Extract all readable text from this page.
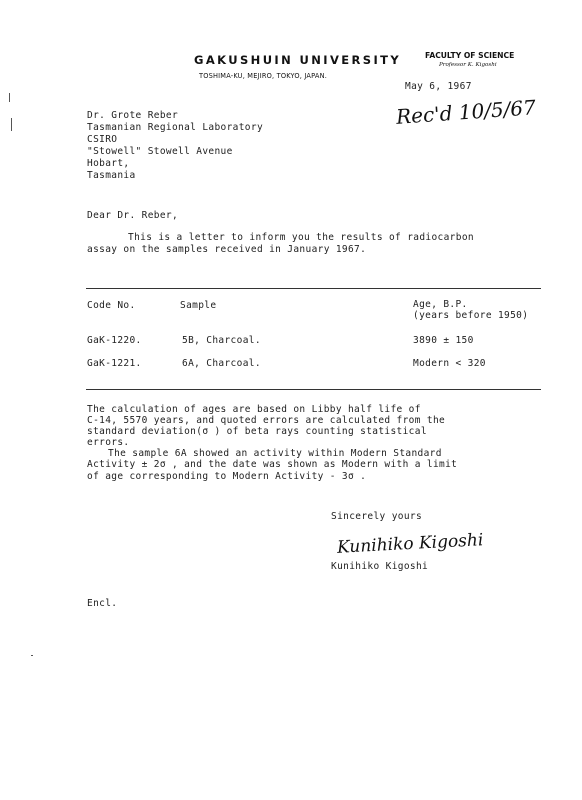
GAKUSHUIN UNIVERSITY
TOSHIMA-KU, MEJIRO, TOKYO, JAPAN.
FACULTY OF SCIENCE
Professor K. Kigoshi
May 6, 1967
Rec'd 10/5/67
Dr. Grote Reber
Tasmanian Regional Laboratory
CSIRO
"Stowell" Stowell Avenue
Hobart,
Tasmania
Dear Dr. Reber,
This is a letter to inform you the results of radiocarbon
assay on the samples received in January 1967.
Code No.	Sample	Age, B.P.
(years before 1950)
GaK-1220.	5B, Charcoal.	3890 ± 150
GaK-1221.	6A, Charcoal.	Modern < 320
The calculation of ages are based on Libby half life of
C-14, 5570 years, and quoted errors are calculated from the
standard deviation(σ ) of beta rays counting statistical
errors.
The sample 6A showed an activity within Modern Standard
Activity ± 2σ , and the date was shown as Modern with a limit
of age corresponding to Modern Activity - 3σ .
Sincerely yours
Kunihiko Kigoshi
Kunihiko Kigoshi
Encl.
